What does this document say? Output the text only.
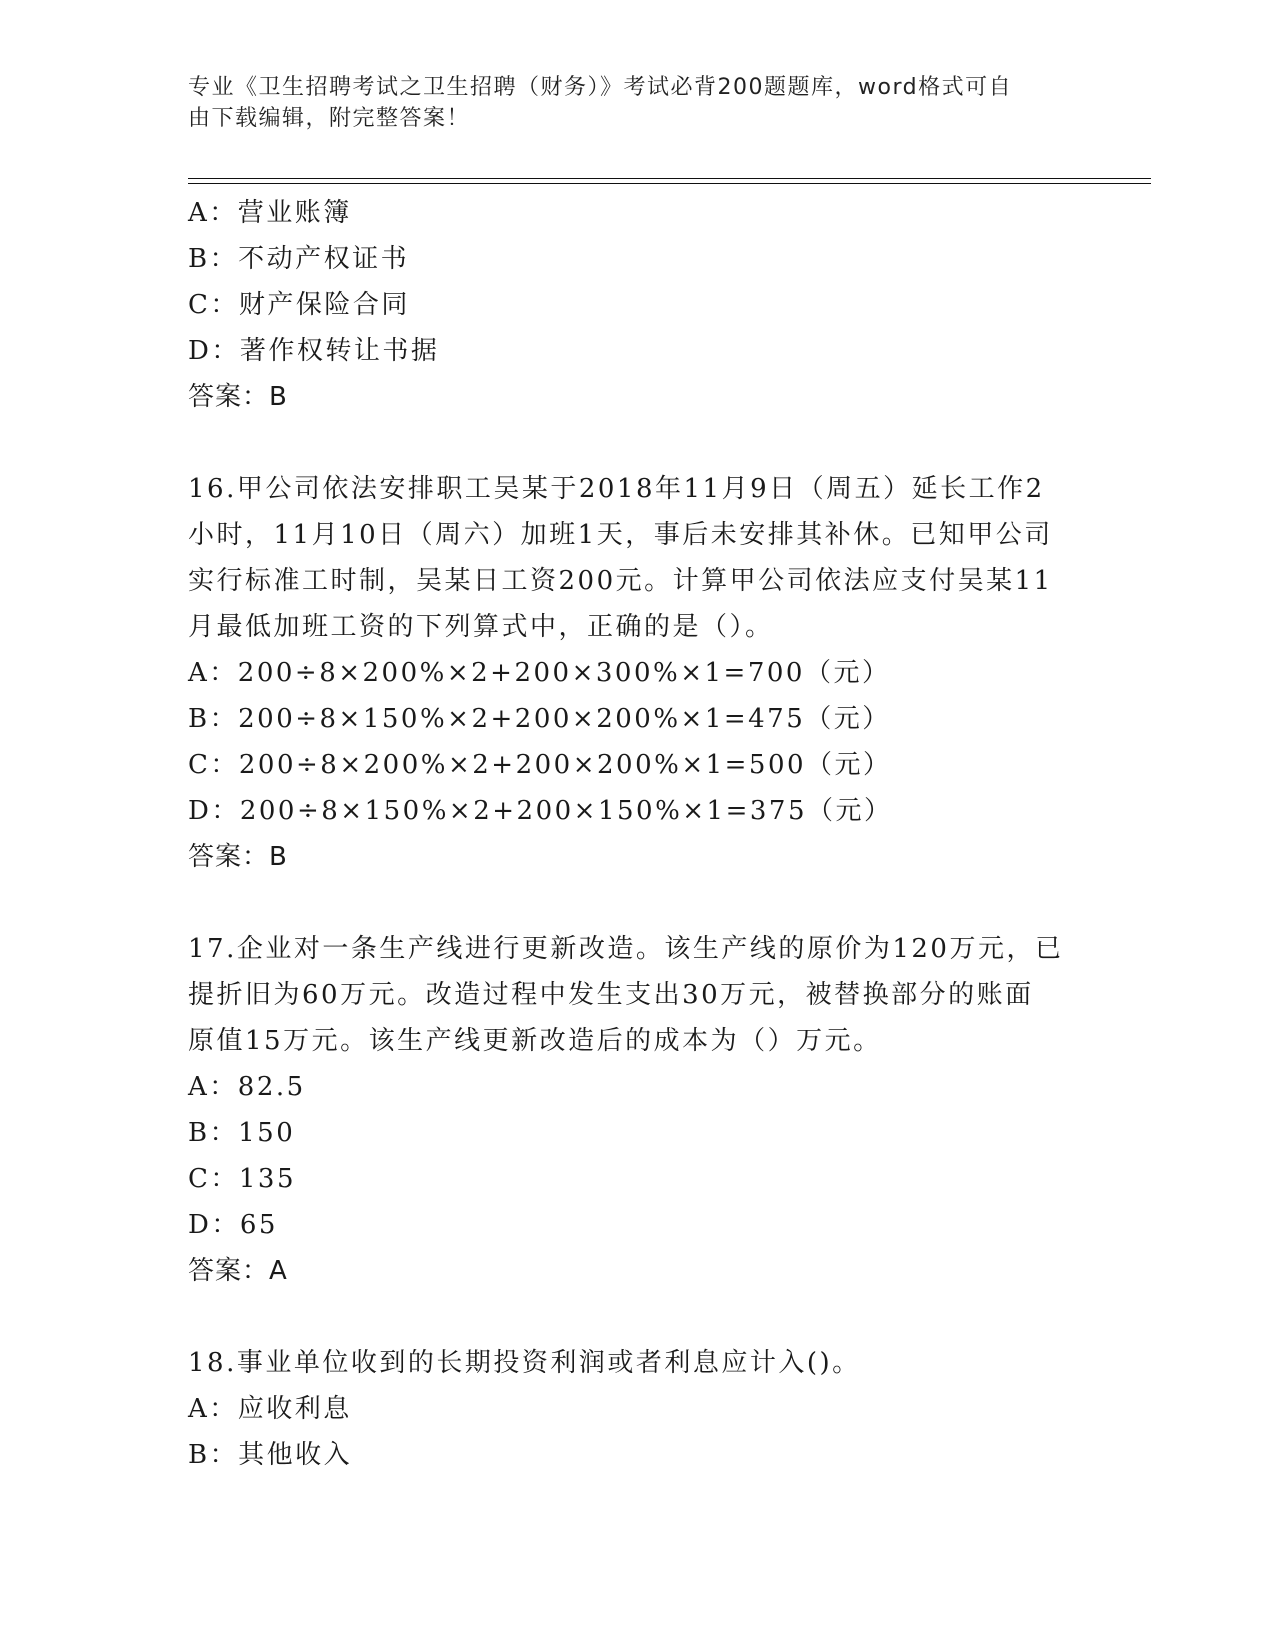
专业《卫生招聘考试之卫生招聘（财务）》考试必背200题题库，word格式可自
由下载编辑，附完整答案！
A：营业账簿
B：不动产权证书
C：财产保险合同
D：著作权转让书据
答案：B
16.甲公司依法安排职工吴某于2018年11月9日（周五）延长工作2
小时，11月10日（周六）加班1天，事后未安排其补休。已知甲公司
实行标准工时制，吴某日工资200元。计算甲公司依法应支付吴某11
月最低加班工资的下列算式中，正确的是（）。
A：200÷8×200%×2+200×300%×1=700（元）
B：200÷8×150%×2+200×200%×1=475（元）
C：200÷8×200%×2+200×200%×1=500（元）
D：200÷8×150%×2+200×150%×1=375（元）
答案：B
17.企业对一条生产线进行更新改造。该生产线的原价为120万元，已
提折旧为60万元。改造过程中发生支出30万元，被替换部分的账面
原值15万元。该生产线更新改造后的成本为（）万元。
A：82.5
B：150
C：135
D：65
答案：A
18.事业单位收到的长期投资利润或者利息应计入()。
A：应收利息
B：其他收入
